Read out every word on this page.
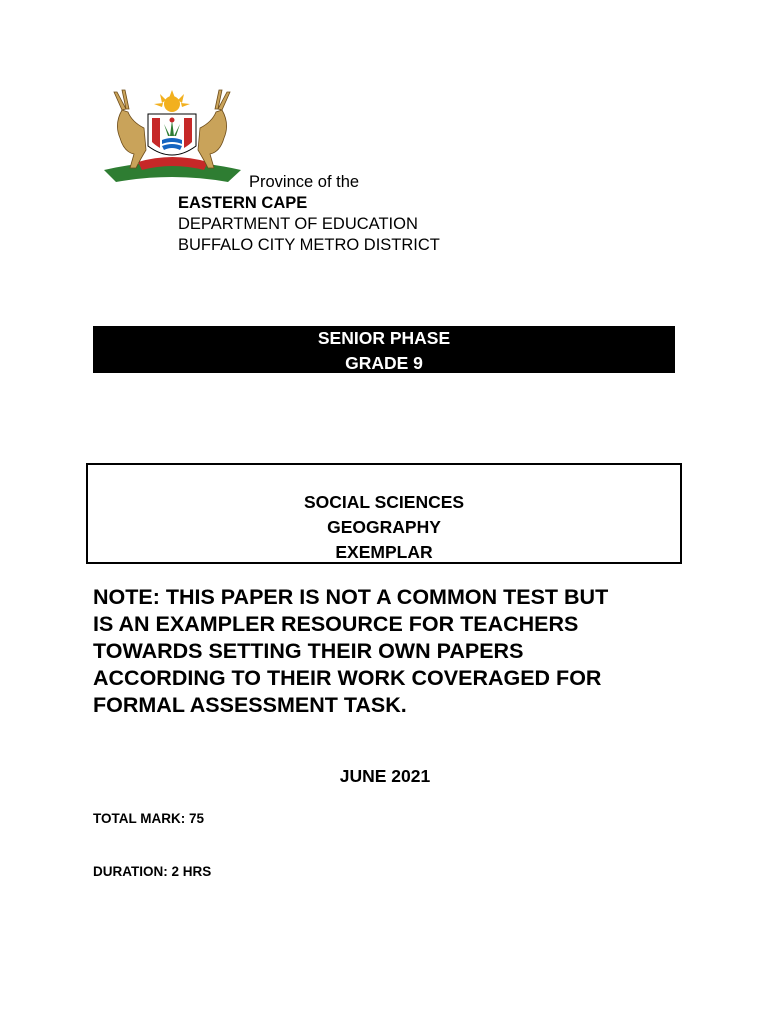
Province of the
EASTERN CAPE
DEPARTMENT OF EDUCATION
BUFFALO CITY METRO DISTRICT
SENIOR PHASE
GRADE 9
SOCIAL SCIENCES
GEOGRAPHY
EXEMPLAR
NOTE: THIS PAPER IS NOT A COMMON TEST BUT
IS AN EXAMPLER RESOURCE FOR TEACHERS
TOWARDS SETTING THEIR OWN PAPERS
ACCORDING TO THEIR WORK COVERAGED FOR
FORMAL ASSESSMENT TASK.
JUNE 2021
TOTAL MARK: 75
DURATION: 2 HRS
